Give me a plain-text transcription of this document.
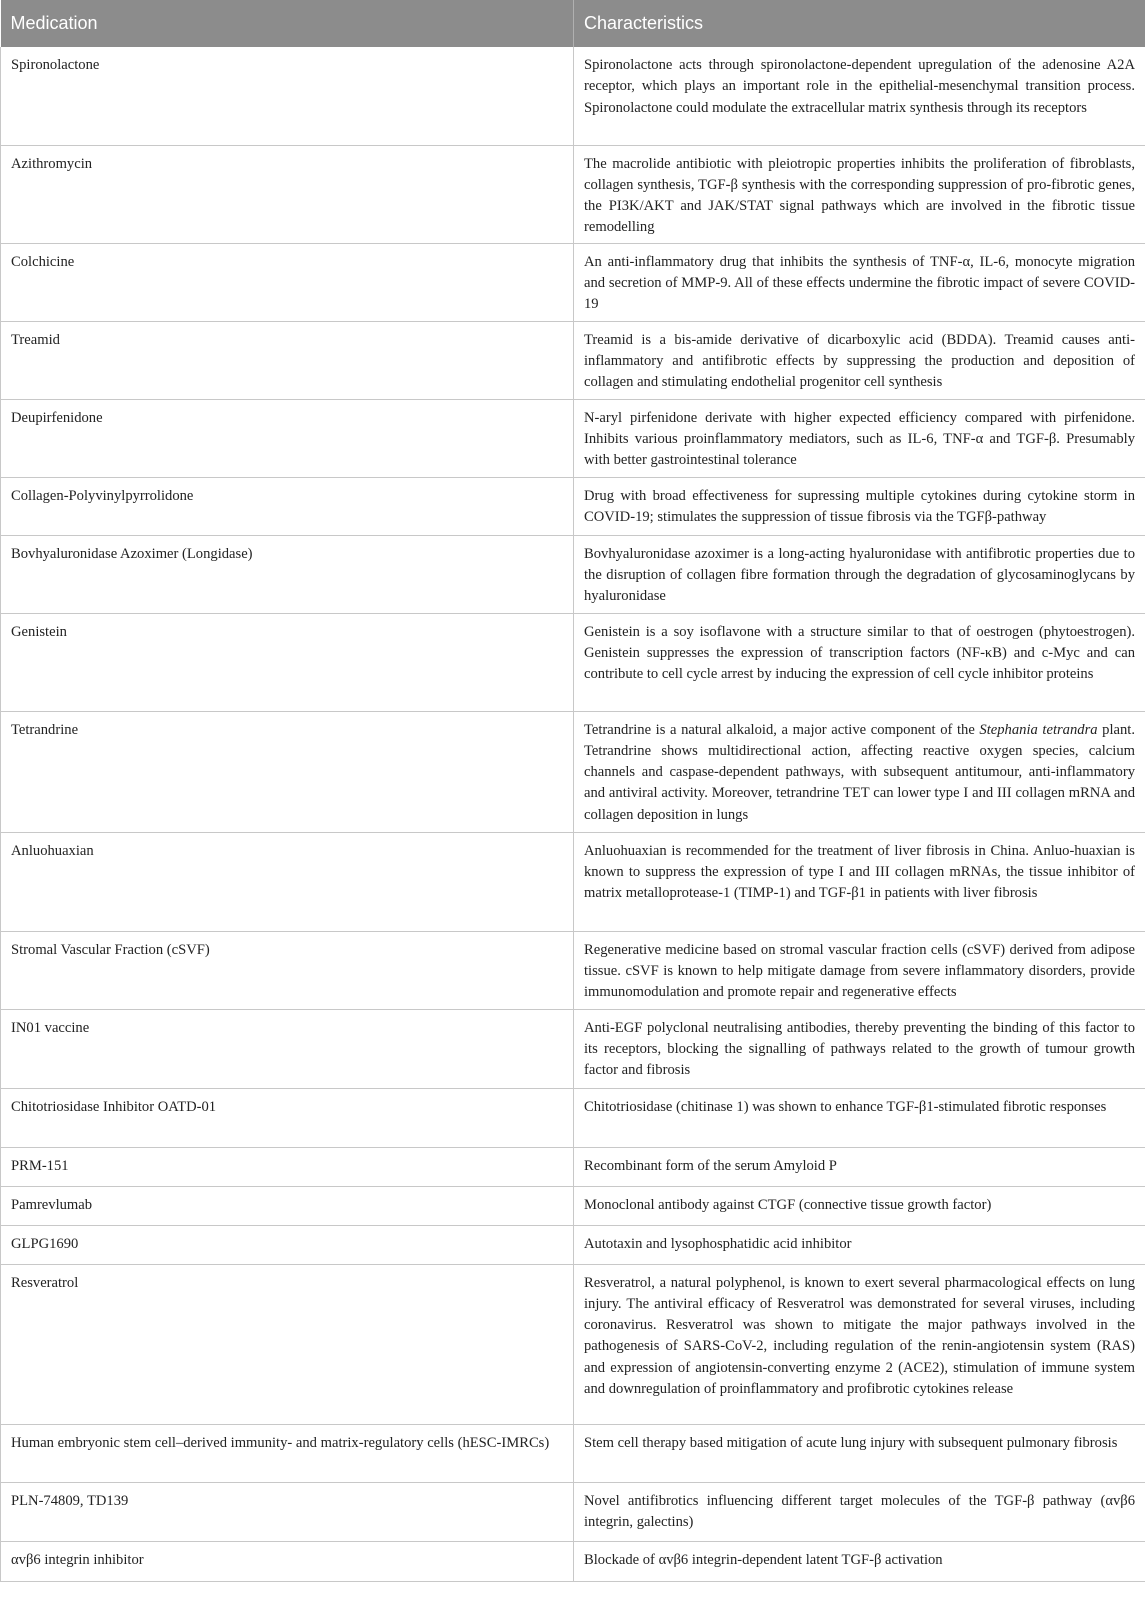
Medication	Characteristics
Spironolactone	Spironolactone acts through spironolactone-dependent upregulation of the adenosine A2A receptor, which plays an important role in the epithelial-mesenchymal transition process. Spironolactone could modulate the extracellular matrix synthesis through its receptors
Azithromycin	The macrolide antibiotic with pleiotropic properties inhibits the proliferation of fibroblasts, collagen synthesis, TGF-β synthesis with the corresponding suppression of pro-fibrotic genes, the PI3K/AKT and JAK/STAT signal pathways which are involved in the fibrotic tissue remodelling
Colchicine	An anti-inflammatory drug that inhibits the synthesis of TNF-α, IL-6, monocyte migration and secretion of MMP-9. All of these effects undermine the fibrotic impact of severe COVID-19
Treamid	Treamid is a bis-amide derivative of dicarboxylic acid (BDDA). Treamid causes anti-inflammatory and antifibrotic effects by suppressing the production and deposition of collagen and stimulating endothelial progenitor cell synthesis
Deupirfenidone	N-aryl pirfenidone derivate with higher expected efficiency compared with pirfenidone. Inhibits various proinflammatory mediators, such as IL-6, TNF-α and TGF-β. Presumably with better gastrointestinal tolerance
Collagen-Polyvinylpyrrolidone	Drug with broad effectiveness for supressing multiple cytokines during cytokine storm in COVID-19; stimulates the suppression of tissue fibrosis via the TGFβ-pathway
Bovhyaluronidase Azoximer (Longidase)	Bovhyaluronidase azoximer is a long-acting hyaluronidase with antifibrotic properties due to the disruption of collagen fibre formation through the degradation of glycosaminoglycans by hyaluronidase
Genistein	Genistein is a soy isoflavone with a structure similar to that of oestrogen (phytoestrogen). Genistein suppresses the expression of transcription factors (NF-κB) and c-Myc and can contribute to cell cycle arrest by inducing the expression of cell cycle inhibitor proteins
Tetrandrine	Tetrandrine is a natural alkaloid, a major active component of the Stephania tetrandra plant. Tetrandrine shows multidirectional action, affecting reactive oxygen species, calcium channels and caspase-dependent pathways, with subsequent antitumour, anti-inflammatory and antiviral activity. Moreover, tetrandrine TET can lower type I and III collagen mRNA and collagen deposition in lungs
Anluohuaxian	Anluohuaxian is recommended for the treatment of liver fibrosis in China. Anluo-huaxian is known to suppress the expression of type I and III collagen mRNAs, the tissue inhibitor of matrix metalloprotease-1 (TIMP-1) and TGF-β1 in patients with liver fibrosis
Stromal Vascular Fraction (cSVF)	Regenerative medicine based on stromal vascular fraction cells (cSVF) derived from adipose tissue. cSVF is known to help mitigate damage from severe inflammatory disorders, provide immunomodulation and promote repair and regenerative effects
IN01 vaccine	Anti-EGF polyclonal neutralising antibodies, thereby preventing the binding of this factor to its receptors, blocking the signalling of pathways related to the growth of tumour growth factor and fibrosis
Chitotriosidase Inhibitor OATD-01	Chitotriosidase (chitinase 1) was shown to enhance TGF-β1-stimulated fibrotic responses
PRM-151	Recombinant form of the serum Amyloid P
Pamrevlumab	Monoclonal antibody against CTGF (connective tissue growth factor)
GLPG1690	Autotaxin and lysophosphatidic acid inhibitor
Resveratrol	Resveratrol, a natural polyphenol, is known to exert several pharmacological effects on lung injury. The antiviral efficacy of Resveratrol was demonstrated for several viruses, including coronavirus. Resveratrol was shown to mitigate the major pathways involved in the pathogenesis of SARS-CoV-2, including regulation of the renin-angiotensin system (RAS) and expression of angiotensin-converting enzyme 2 (ACE2), stimulation of immune system and downregulation of proinflammatory and profibrotic cytokines release
Human embryonic stem cell–derived immunity- and matrix-regulatory cells (hESC-IMRCs)	Stem cell therapy based mitigation of acute lung injury with subsequent pulmonary fibrosis
PLN-74809, TD139	Novel antifibrotics influencing different target molecules of the TGF-β pathway (αvβ6 integrin, galectins)
αvβ6 integrin inhibitor	Blockade of αvβ6 integrin-dependent latent TGF-β activation
